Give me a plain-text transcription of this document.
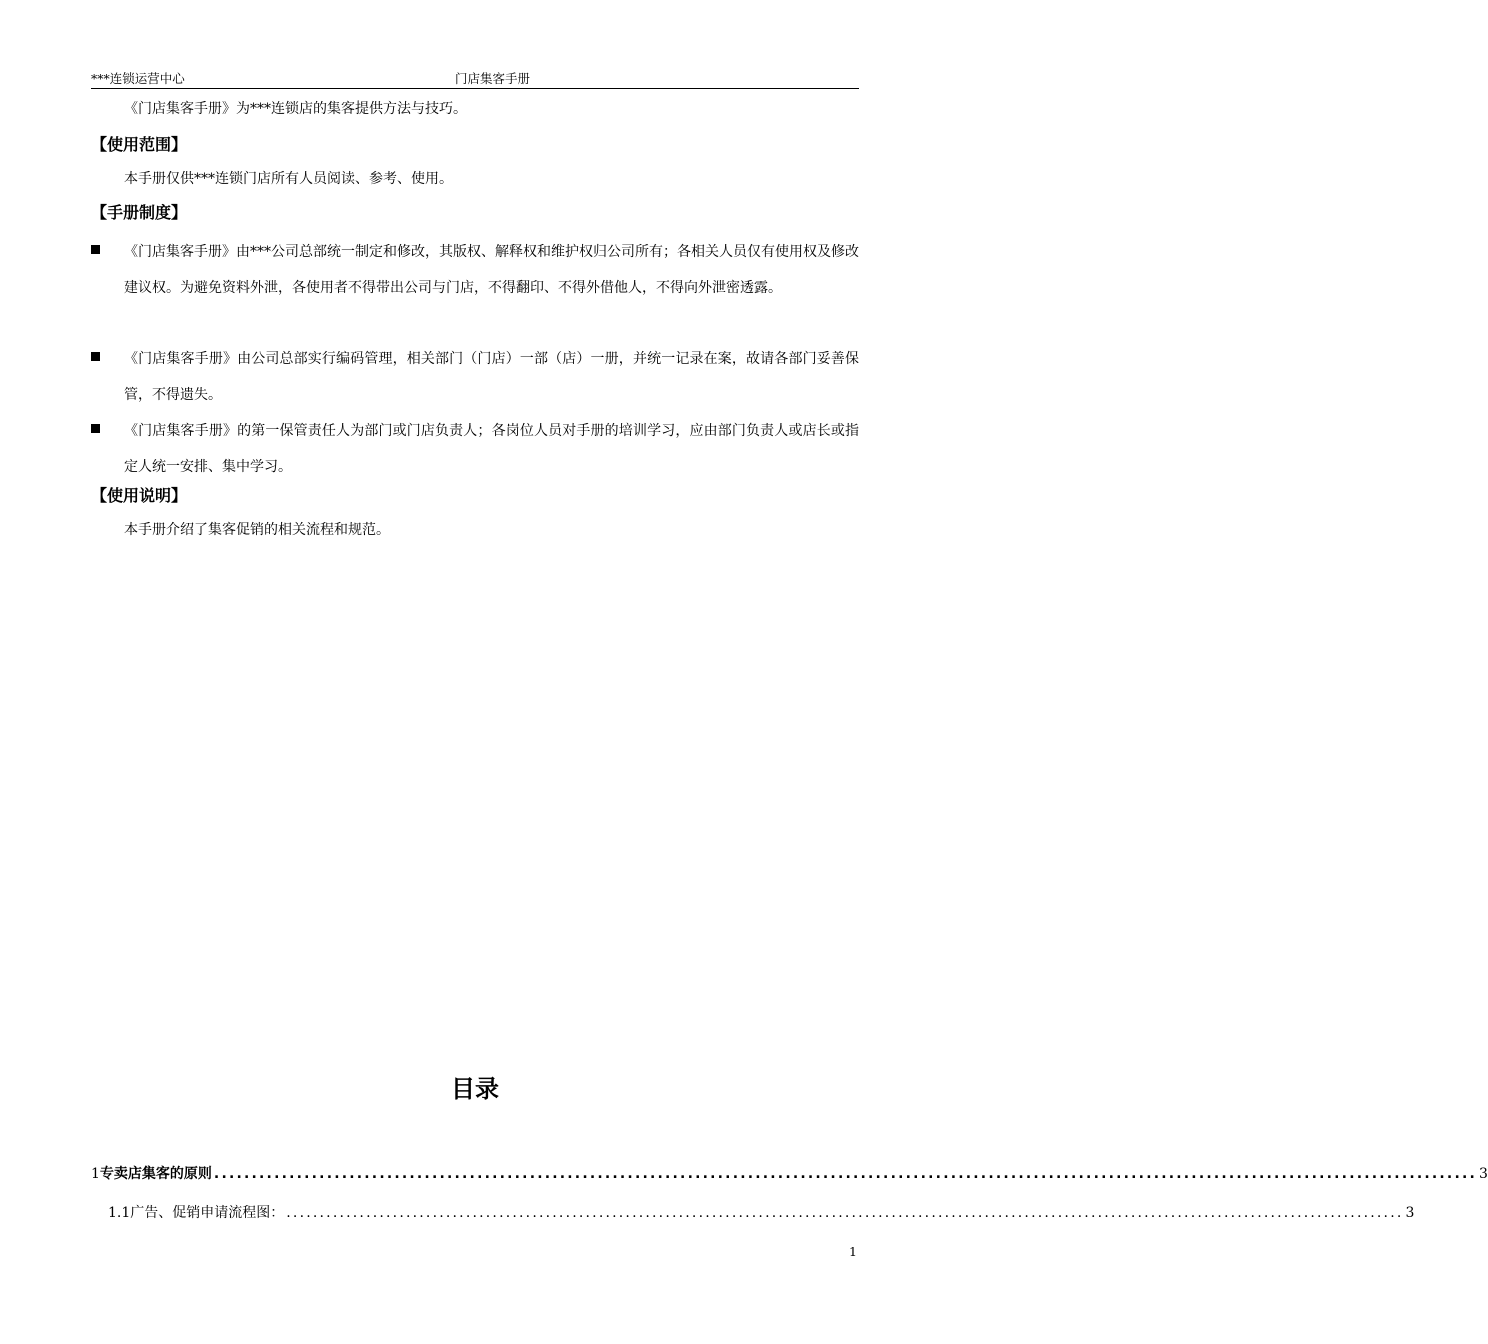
***连锁运营中心	门店集客手册
《门店集客手册》为***连锁店的集客提供方法与技巧。
【使用范围】
本手册仅供***连锁门店所有人员阅读、参考、使用。
【手册制度】
《门店集客手册》由***公司总部统一制定和修改，其版权、解释权和维护权归公司所有；各相关人员仅有使用权及修改建议权。为避免资料外泄，各使用者不得带出公司与门店，不得翻印、不得外借他人，不得向外泄密透露。
《门店集客手册》由公司总部实行编码管理，相关部门（门店）一部（店）一册，并统一记录在案，故请各部门妥善保管，不得遗失。
《门店集客手册》的第一保管责任人为部门或门店负责人；各岗位人员对手册的培训学习，应由部门负责人或店长或指定人统一安排、集中学习。
【使用说明】
本手册介绍了集客促销的相关流程和规范。
目录
1 专卖店集客的原则 ........................................................................................................................................................................ 3
1.1 广告、促销申请流程图： ........................................................................................................................................................................ 3
1
